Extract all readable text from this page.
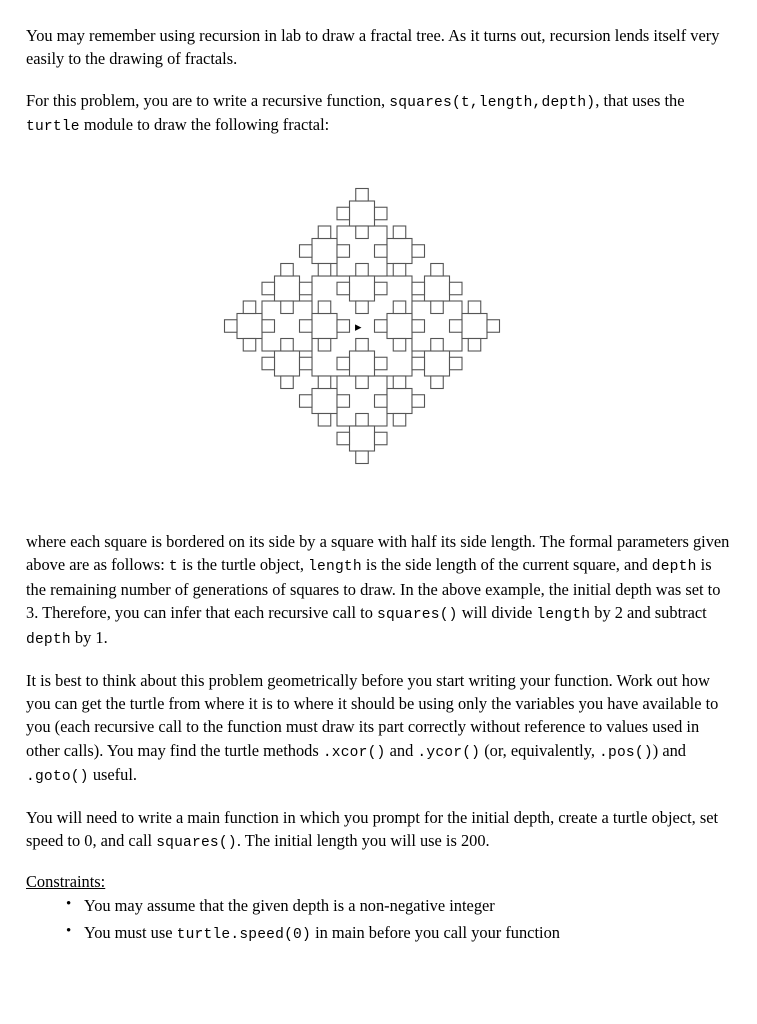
You may remember using recursion in lab to draw a fractal tree. As it turns out, recursion lends itself very easily to the drawing of fractals.

For this problem, you are to write a recursive function, squares(t,length,depth), that uses the turtle module to draw the following fractal:

▸

where each square is bordered on its side by a square with half its side length. The formal parameters given above are as follows: t is the turtle object, length is the side length of the current square, and depth is the remaining number of generations of squares to draw. In the above example, the initial depth was set to 3. Therefore, you can infer that each recursive call to squares() will divide length by 2 and subtract depth by 1.

It is best to think about this problem geometrically before you start writing your function. Work out how you can get the turtle from where it is to where it should be using only the variables you have available to you (each recursive call to the function must draw its part correctly without reference to values used in other calls). You may find the turtle methods .xcor() and .ycor() (or, equivalently, .pos()) and .goto() useful.

You will need to write a main function in which you prompt for the initial depth, create a turtle object, set speed to 0, and call squares(). The initial length you will use is 200.

Constraints:
• You may assume that the given depth is a non-negative integer
• You must use turtle.speed(0) in main before you call your function
